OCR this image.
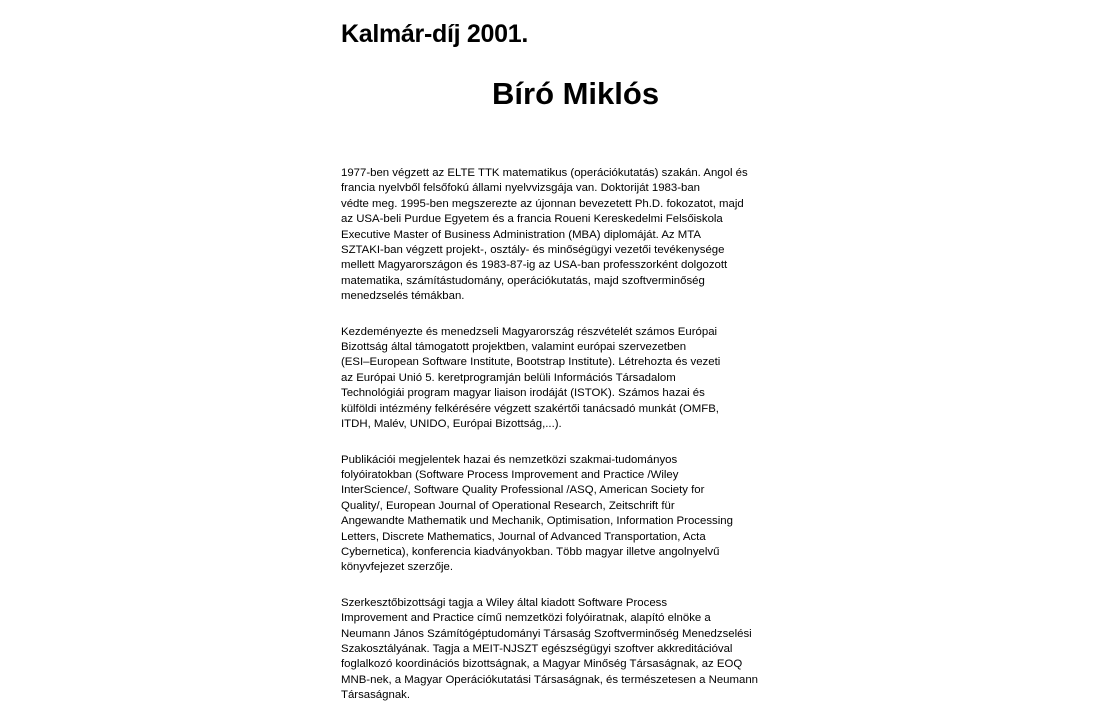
Kalmár-díj 2001.
Bíró Miklós

1977-ben végzett az ELTE TTK matematikus (operációkutatás) szakán. Angol és
francia nyelvből felsőfokú állami nyelvvizsgája van. Doktoriját 1983-ban
védte meg. 1995-ben megszerezte az újonnan bevezetett Ph.D. fokozatot, majd
az USA-beli Purdue Egyetem és a francia Roueni Kereskedelmi Felsőiskola
Executive Master of Business Administration (MBA) diplomáját. Az MTA
SZTAKI-ban végzett projekt-, osztály- és minőségügyi vezetői tevékenysége
mellett Magyarországon és 1983-87-ig az USA-ban professzorként dolgozott
matematika, számítástudomány, operációkutatás, majd szoftverminőség
menedzselés témákban.

Kezdeményezte és menedzseli Magyarország részvételét számos Európai
Bizottság által támogatott projektben, valamint európai szervezetben
(ESI–European Software Institute, Bootstrap Institute). Létrehozta és vezeti
az Európai Unió 5. keretprogramján belüli Információs Társadalom
Technológiái program magyar liaison irodáját (ISTOK). Számos hazai és
külföldi intézmény felkérésére végzett szakértői tanácsadó munkát (OMFB,
ITDH, Malév, UNIDO, Európai Bizottság,...).

Publikációi megjelentek hazai és nemzetközi szakmai-tudományos
folyóiratokban (Software Process Improvement and Practice /Wiley
InterScience/, Software Quality Professional /ASQ, American Society for
Quality/, European Journal of Operational Research, Zeitschrift für
Angewandte Mathematik und Mechanik, Optimisation, Information Processing
Letters, Discrete Mathematics, Journal of Advanced Transportation, Acta
Cybernetica), konferencia kiadványokban. Több magyar illetve angolnyelvű
könyvfejezet szerzője.

Szerkesztőbizottsági tagja a Wiley által kiadott Software Process
Improvement and Practice című nemzetközi folyóiratnak, alapító elnöke a
Neumann János Számítógéptudományi Társaság Szoftverminőség Menedzselési
Szakosztályának. Tagja a MEIT-NJSZT egészségügyi szoftver akkreditációval
foglalkozó koordinációs bizottságnak, a Magyar Minőség Társaságnak, az EOQ
MNB-nek, a Magyar Operációkutatási Társaságnak, és természetesen a Neumann
Társaságnak.
